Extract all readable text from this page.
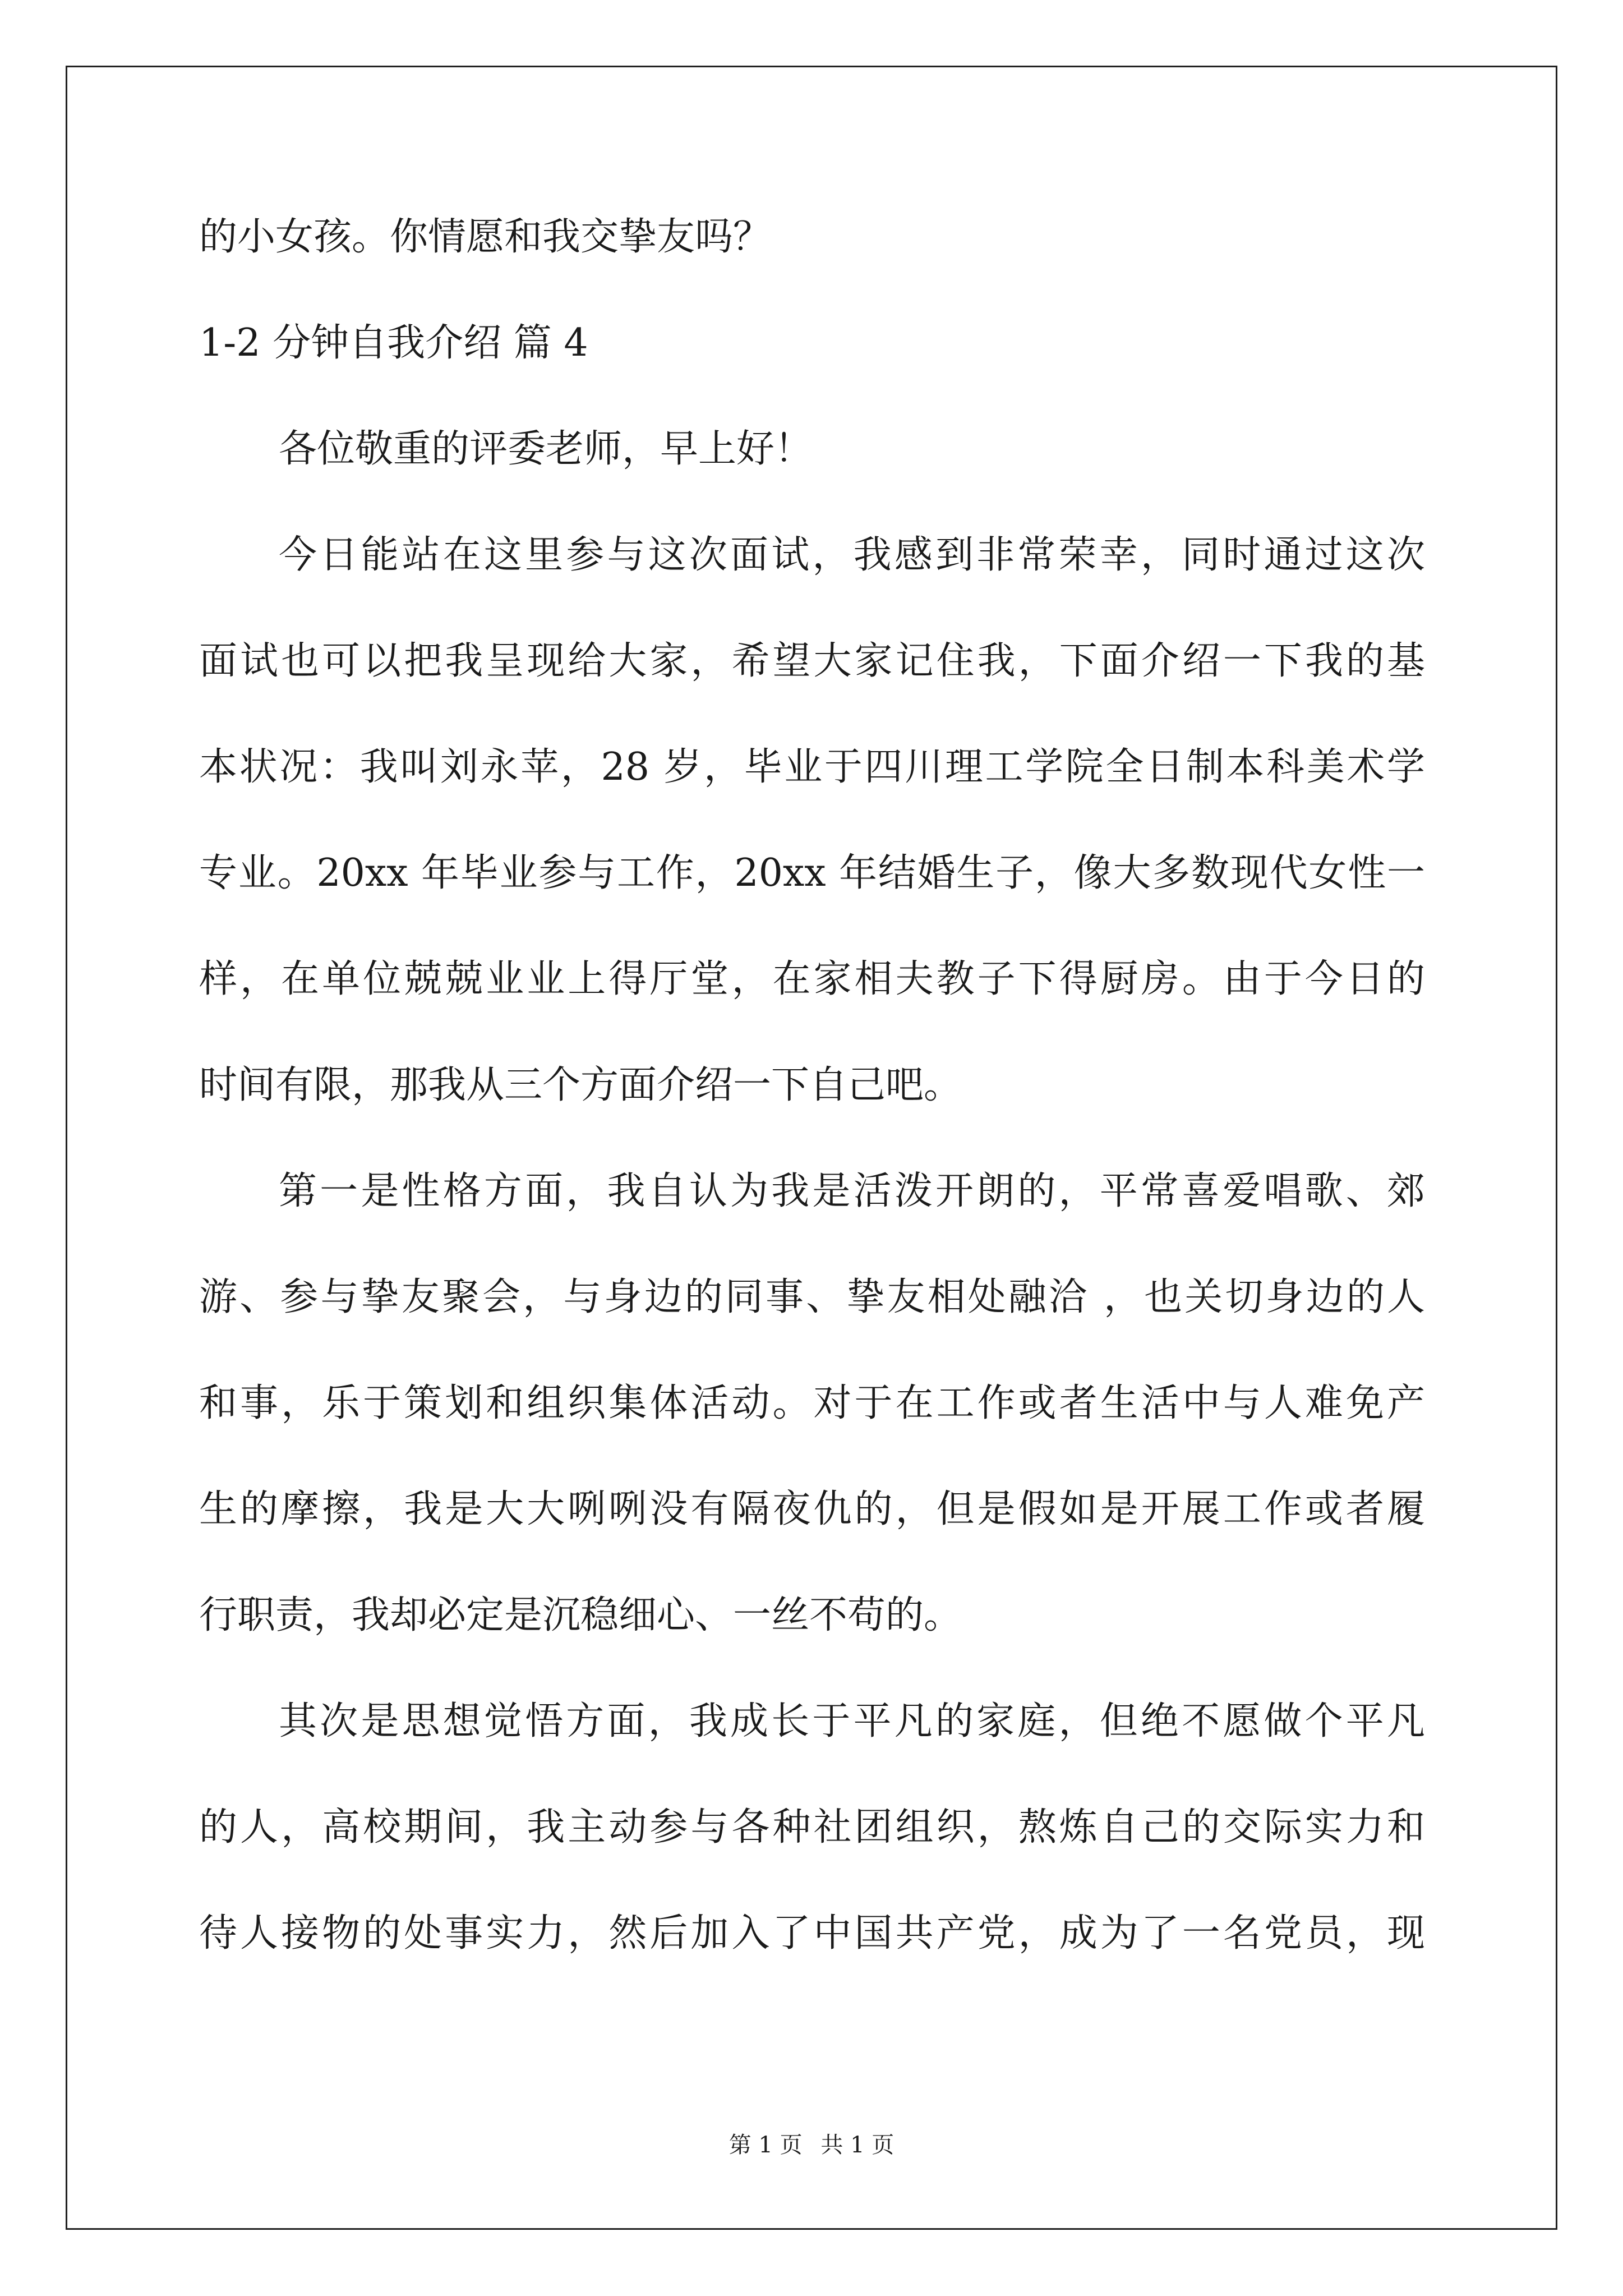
的小女孩。你情愿和我交挚友吗？

1-2 分钟自我介绍 篇 4

各位敬重的评委老师，早上好！

今日能站在这里参与这次面试，我感到非常荣幸，同时通过这次

面试也可以把我呈现给大家，希望大家记住我，下面介绍一下我的基

本状况：我叫刘永苹，28 岁，毕业于四川理工学院全日制本科美术学

专业。20xx 年毕业参与工作，20xx 年结婚生子，像大多数现代女性一

样，在单位兢兢业业上得厅堂，在家相夫教子下得厨房。由于今日的

时间有限，那我从三个方面介绍一下自己吧。

第一是性格方面，我自认为我是活泼开朗的，平常喜爱唱歌、郊

游、参与挚友聚会，与身边的同事、挚友相处融洽 ，也关切身边的人

和事，乐于策划和组织集体活动。对于在工作或者生活中与人难免产

生的摩擦，我是大大咧咧没有隔夜仇的，但是假如是开展工作或者履

行职责，我却必定是沉稳细心、一丝不苟的。

其次是思想觉悟方面，我成长于平凡的家庭，但绝不愿做个平凡

的人，高校期间，我主动参与各种社团组织，熬炼自己的交际实力和

待人接物的处事实力，然后加入了中国共产党，成为了一名党员，现

第 1 页 共 1 页
